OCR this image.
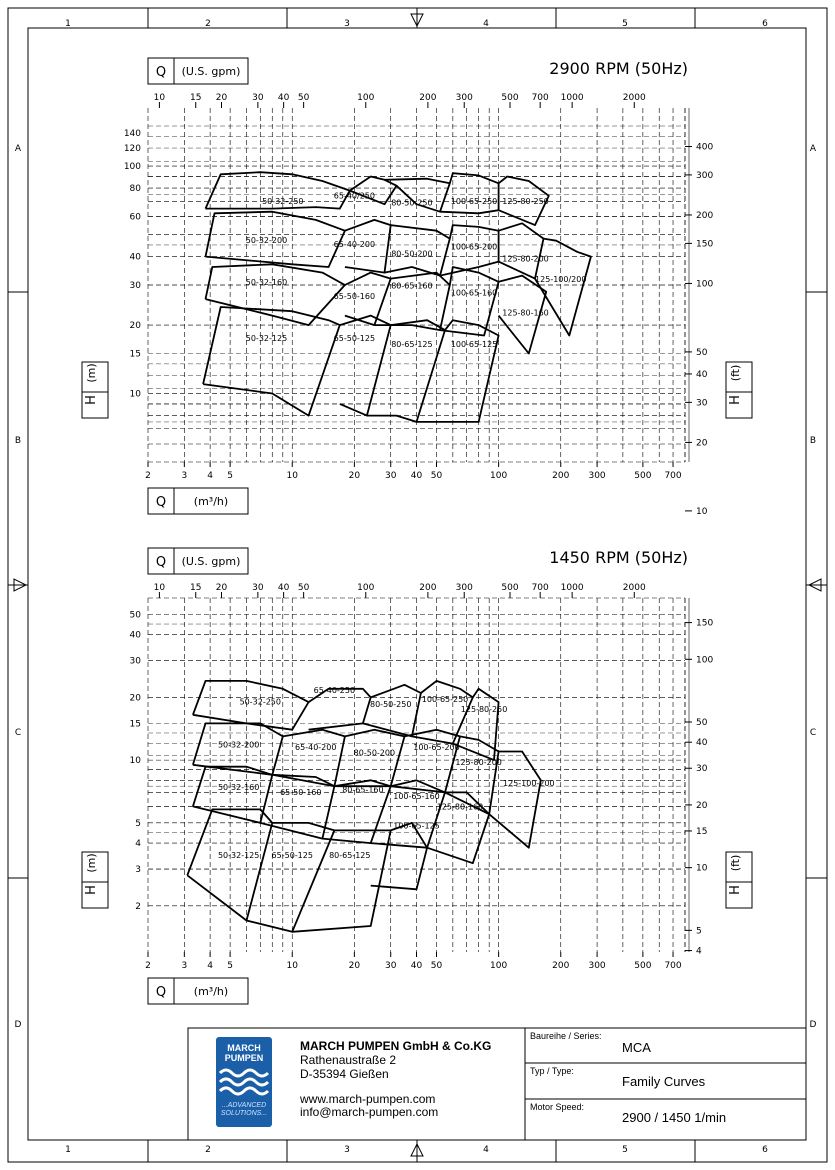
1
1
2
2
3
3
4
4
5
5
6
6
A	A
B	B
C	C
D	D
2900 RPM (50Hz)
Q (U.S. gpm)
Q	(m³/h)
H
(m)
H
(ft)
2	3 4 5	10	20	30 40 50	100	200 300	500 700
10	15 20	30 40 50	100	200 300	500 700 1000	2000
10
15
20
30
40
60
80
100
120
140
10
20
30
40
50
100
150
200
300
400
50-32-250
65-40/250
80-50-250 100-65-250 125-80-250
50-32-200	65-40-200
80-50-200
100-65-200
125-80-200
125-100/200
50-32-160
65-50-160
80-65-160
100-65-160
125-80-160
50-32-125	65-50-125
80-65-125 100-65-125
1450 RPM (50Hz)
Q (U.S. gpm)
Q	(m³/h)
H
(m)
H
(ft)
2	3 4 5	10	20	30 40 50	100	200 300	500 700
10	15 20	30 40 50	100	200 300	500 700 1000	2000
2
3
4
5
10
15
20
30
40
50
4
5
10
15
20
30
40
50
100
150
50-32-250
65-40-250
80-50-250
100-65-250
125-80-250
50-32-200	65-40-200
80-50-200
100-65-200
125-80-200
125-100-200
50-32-160
65-50-160	80-65-160
100-65-160
125-80-160
100-65-125
50-32-125 65-50-125 80-65-125
MARCH
PUMPEN
...ADVANCED
SOLUTIONS...
MARCH PUMPEN GmbH & Co.KG
Rathenaustraße 2
D-35394 Gießen
www.march-pumpen.com
info@march-pumpen.com
Baureihe / Series:
MCA
Typ / Type:
Family Curves
Motor Speed:
2900 / 1450 1/min
